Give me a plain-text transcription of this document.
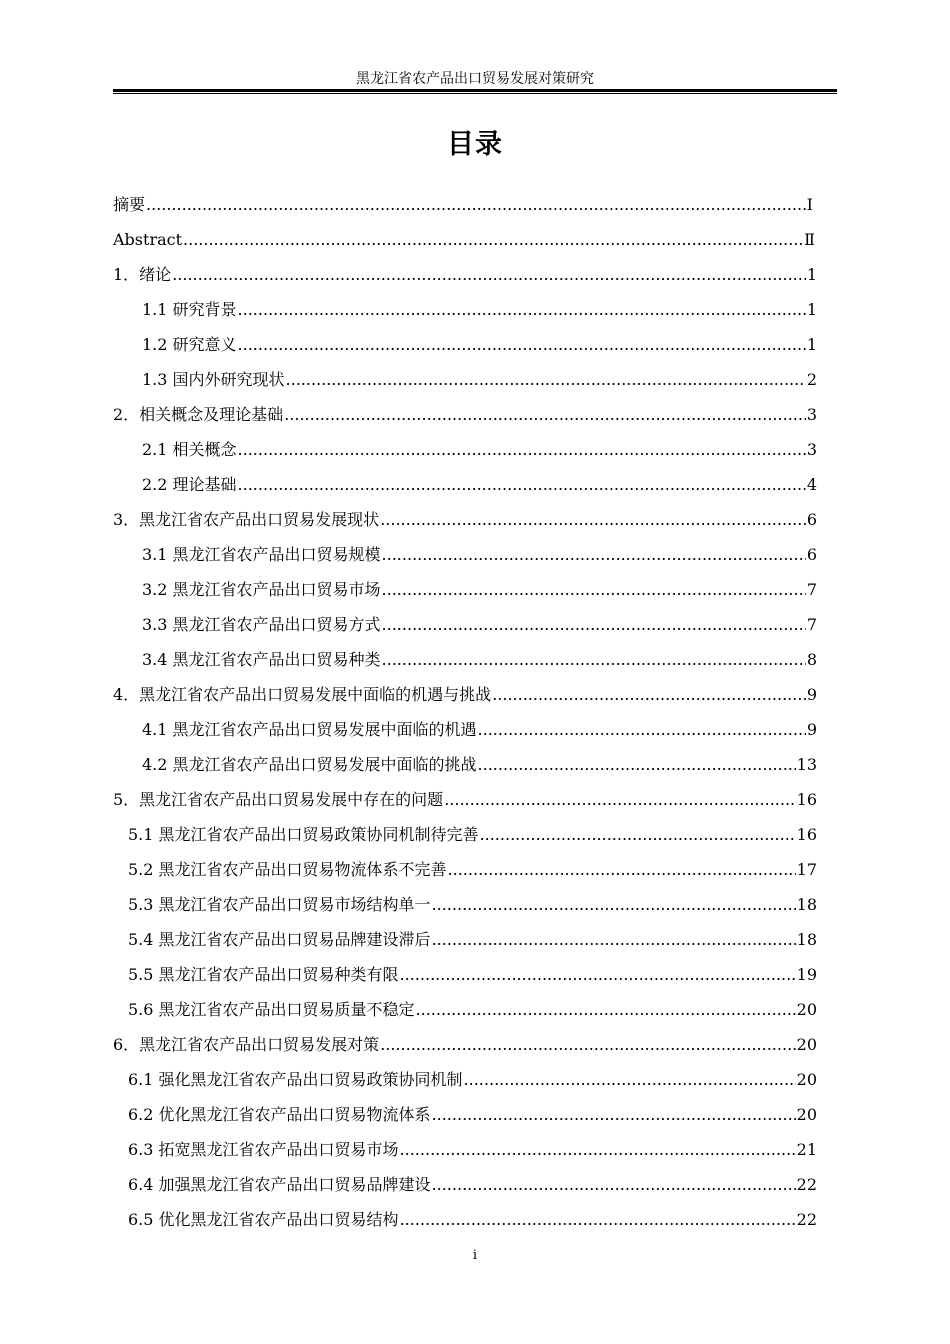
黑龙江省农产品出口贸易发展对策研究
目录
摘要 .....	Ⅰ
Abstract .....	Ⅱ
1．绪论 .....	1
1.1 研究背景 .....	1
1.2 研究意义 .....	1
1.3 国内外研究现状 .....	2
2．相关概念及理论基础 .....	3
2.1 相关概念 .....	3
2.2 理论基础 .....	4
3．黑龙江省农产品出口贸易发展现状 .....	6
3.1 黑龙江省农产品出口贸易规模 .....	6
3.2 黑龙江省农产品出口贸易市场 .....	7
3.3 黑龙江省农产品出口贸易方式 .....	7
3.4 黑龙江省农产品出口贸易种类 .....	8
4．黑龙江省农产品出口贸易发展中面临的机遇与挑战 .....	9
4.1 黑龙江省农产品出口贸易发展中面临的机遇 .....	9
4.2 黑龙江省农产品出口贸易发展中面临的挑战 .....	13
5．黑龙江省农产品出口贸易发展中存在的问题 .....	16
5.1 黑龙江省农产品出口贸易政策协同机制待完善 .....	16
5.2 黑龙江省农产品出口贸易物流体系不完善 .....	17
5.3 黑龙江省农产品出口贸易市场结构单一 .....	18
5.4 黑龙江省农产品出口贸易品牌建设滞后 .....	18
5.5 黑龙江省农产品出口贸易种类有限 .....	19
5.6 黑龙江省农产品出口贸易质量不稳定 .....	20
6．黑龙江省农产品出口贸易发展对策 .....	20
6.1 强化黑龙江省农产品出口贸易政策协同机制 .....	20
6.2 优化黑龙江省农产品出口贸易物流体系 .....	20
6.3 拓宽黑龙江省农产品出口贸易市场 .....	21
6.4 加强黑龙江省农产品出口贸易品牌建设 .....	22
6.5 优化黑龙江省农产品出口贸易结构 .....	22
i
